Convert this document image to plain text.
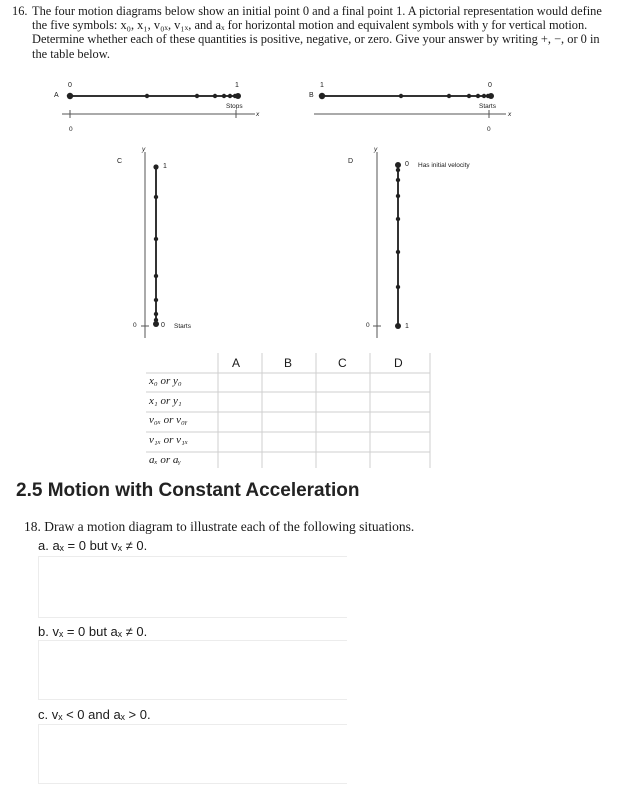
16. The four motion diagrams below show an initial point 0 and a final point 1. A pictorial representation would define the five symbols: x₀, x₁, v₀ₓ, v₁ₓ, and aₓ for horizontal motion and equivalent symbols with y for vertical motion. Determine whether each of these quantities is positive, negative, or zero. Give your answer by writing +, −, or 0 in the table below.
A
0	1
Stops
x
0
B
1	0
Starts
x
0
C
y
1
0 Starts
0
D
y
0 Has initial velocity
1
0
A	B	C	D
x₀ or y₀
x₁ or y₁
v₀ₓ or v₀ᵧ
v₁ₓ or v₁ₓ
aₓ or aᵧ
2.5 Motion with Constant Acceleration
18. Draw a motion diagram to illustrate each of the following situations.
a. aₓ = 0 but vₓ ≠ 0.
b. vₓ = 0 but aₓ ≠ 0.
c. vₓ < 0 and aₓ > 0.
